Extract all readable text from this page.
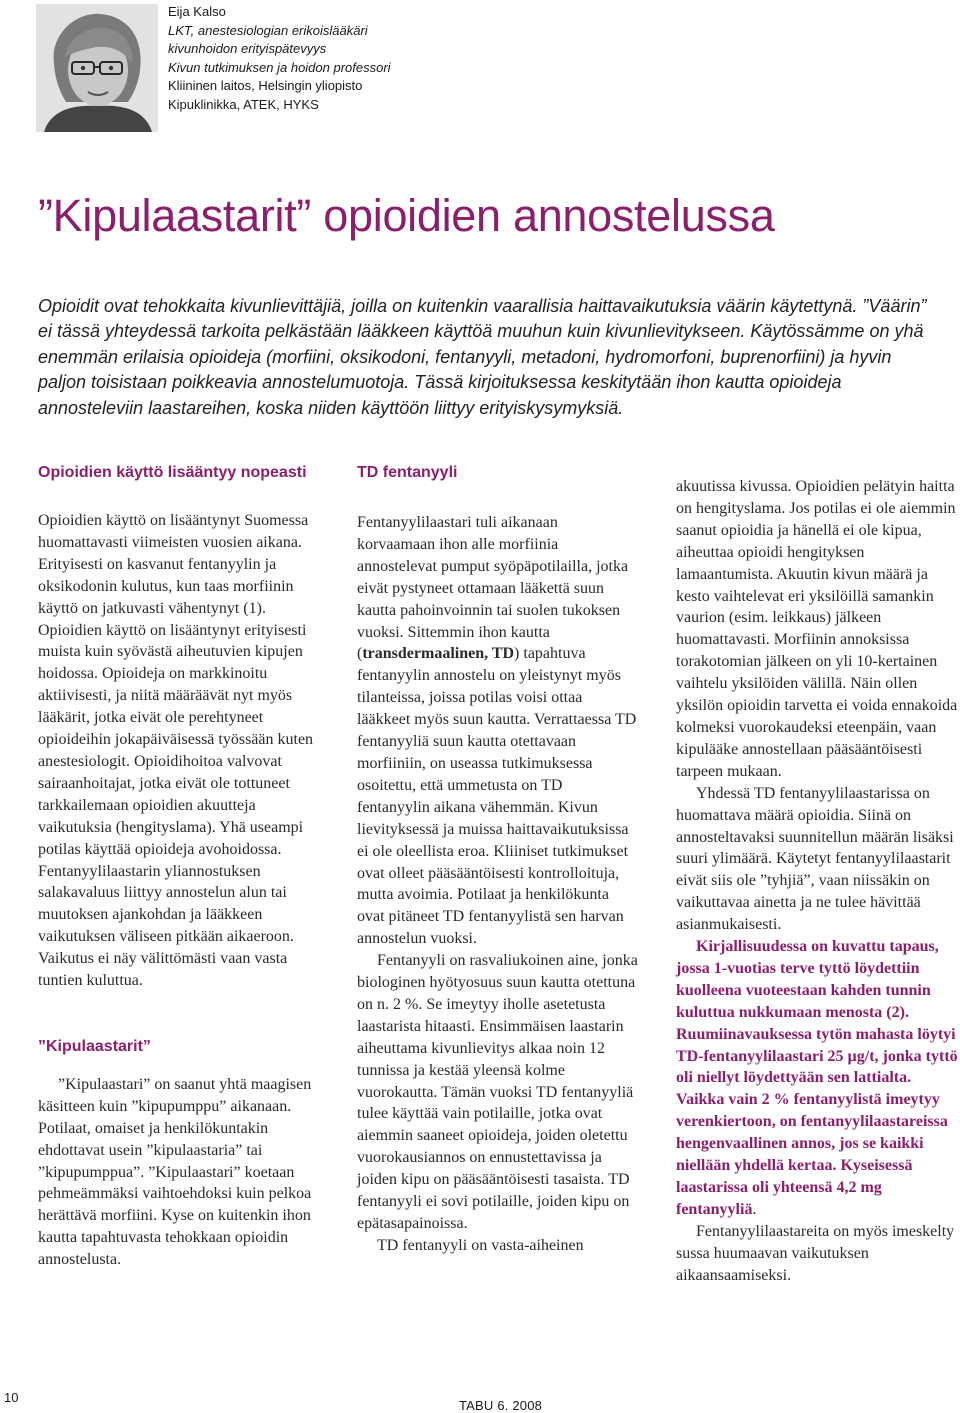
Eija Kalso
LKT, anestesiologian erikoislääkäri
kivunhoidon erityispätevyys
Kivun tutkimuksen ja hoidon professori
Kliininen laitos, Helsingin yliopisto
Kipuklinikka, ATEK, HYKS
”Kipulaastarit” opioidien annostelussa

Opioidit ovat tehokkaita kivunlievittäjiä, joilla on kuitenkin vaarallisia haittavaikutuksia väärin käytettynä. ”Väärin” ei tässä yhteydessä tarkoita pelkästään lääkkeen käyttöä muuhun kuin kivunlievitykseen. Käytössämme on yhä enemmän erilaisia opioideja (morfiini, oksikodoni, fentanyyli, metadoni, hydromorfoni, buprenorfiini) ja hyvin paljon toisistaan poikkeavia annostelumuotoja. Tässä kirjoituksessa keskitytään ihon kautta opioideja annosteleviin laastareihen, koska niiden käyttöön liittyy erityiskysymyksiä.

Opioidien käyttö lisääntyy nopeasti

Opioidien käyttö on lisääntynyt Suomessa huomattavasti viimeisten vuosien aikana. Erityisesti on kasvanut fentanyylin ja oksikodonin kulutus, kun taas morfiinin käyttö on jatkuvasti vähentynyt (1). Opioidien käyttö on lisääntynyt erityisesti muista kuin syövästä aiheutuvien kipujen hoidossa. Opioideja on markkinoitu aktiivisesti, ja niitä määräävät nyt myös lääkärit, jotka eivät ole perehtyneet opioideihin jokapäiväisessä työssään kuten anestesiologit. Opioidihoitoa valvovat sairaanhoitajat, jotka eivät ole tottuneet tarkkailemaan opioidien akuutteja vaikutuksia (hengityslama). Yhä useampi potilas käyttää opioideja avohoidossa. Fentanyylilaastarin yliannostuksen salakavaluus liittyy annostelun alun tai muutoksen ajankohdan ja lääkkeen vaikutuksen väliseen pitkään aikaeroon. Vaikutus ei näy välittömästi vaan vasta tuntien kuluttua.

”Kipulaastarit”

”Kipulaastari” on saanut yhtä maagisen käsitteen kuin ”kipupumppu” aikanaan. Potilaat, omaiset ja henkilökuntakin ehdottavat usein ”kipulaastaria” tai ”kipupumppua”. ”Kipulaastari” koetaan pehmeämmäksi vaihtoehdoksi kuin pelkoa herättävä morfiini. Kyse on kuitenkin ihon kautta tapahtuvasta tehokkaan opioidin annostelusta.

TD fentanyyli

Fentanyylilaastari tuli aikanaan korvaamaan ihon alle morfiinia annostelevat pumput syöpäpotilailla, jotka eivät pystyneet ottamaan lääkettä suun kautta pahoinvoinnin tai suolen tukoksen vuoksi. Sittemmin ihon kautta (transdermaalinen, TD) tapahtuva fentanyylin annostelu on yleistynyt myös tilanteissa, joissa potilas voisi ottaa lääkkeet myös suun kautta. Verrattaessa TD fentanyyliä suun kautta otettavaan morfiiniin, on useassa tutkimuksessa osoitettu, että ummetusta on TD fentanyylin aikana vähemmän. Kivun lievityksessä ja muissa haittavaikutuksissa ei ole oleellista eroa. Kliiniset tutkimukset ovat olleet pääsääntöisesti kontrolloituja, mutta avoimia. Potilaat ja henkilökunta ovat pitäneet TD fentanyylistä sen harvan annostelun vuoksi.

Fentanyyli on rasvaliukoinen aine, jonka biologinen hyötyosuus suun kautta otettuna on n. 2 %. Se imeytyy iholle asetetusta laastarista hitaasti. Ensimmäisen laastarin aiheuttama kivunlievitys alkaa noin 12 tunnissa ja kestää yleensä kolme vuorokautta. Tämän vuoksi TD fentanyyliä tulee käyttää vain potilaille, jotka ovat aiemmin saaneet opioideja, joiden oletettu vuorokausiannos on ennustettavissa ja joiden kipu on pääsääntöisesti tasaista. TD fentanyyli ei sovi potilaille, joiden kipu on epätasapainoissa.

TD fentanyyli on vasta-aiheinen

akuutissa kivussa. Opioidien pelätyin haitta on hengityslama. Jos potilas ei ole aiemmin saanut opioidia ja hänellä ei ole kipua, aiheuttaa opioidi hengityksen lamaantumista. Akuutin kivun määrä ja kesto vaihtelevat eri yksilöillä samankin vaurion (esim. leikkaus) jälkeen huomattavasti. Morfiinin annoksissa torakotomian jälkeen on yli 10-kertainen vaihtelu yksilöiden välillä. Näin ollen yksilön opioidin tarvetta ei voida ennakoida kolmeksi vuorokaudeksi eteenpäin, vaan kipulääke annostellaan pääsääntöisesti tarpeen mukaan.

Yhdessä TD fentanyylilaastarissa on huomattava määrä opioidia. Siinä on annosteltavaksi suunnitellun määrän lisäksi suuri ylimäärä. Käytetyt fentanyylilaastarit eivät siis ole ”tyhjiä”, vaan niissäkin on vaikuttavaa ainetta ja ne tulee hävittää asianmukaisesti.

Kirjallisuudessa on kuvattu tapaus, jossa 1-vuotias terve tyttö löydettiin kuolleena vuoteestaan kahden tunnin kuluttua nukkumaan menosta (2). Ruumiinavauksessa tytön mahasta löytyi TD-fentanyylilaastari 25 µg/t, jonka tyttö oli niellyt löydettyään sen lattialta. Vaikka vain 2 % fentanyylistä imeytyy verenkiertoon, on fentanyylilaastareissa hengenvaallinen annos, jos se kaikki niellään yhdellä kertaa. Kyseisessä laastarissa oli yhteensä 4,2 mg fentanyyliä.

Fentanyylilaastareita on myös imeskelty sussa huumaavan vaikutuksen aikaansaamiseksi.

10
TABU 6. 2008
